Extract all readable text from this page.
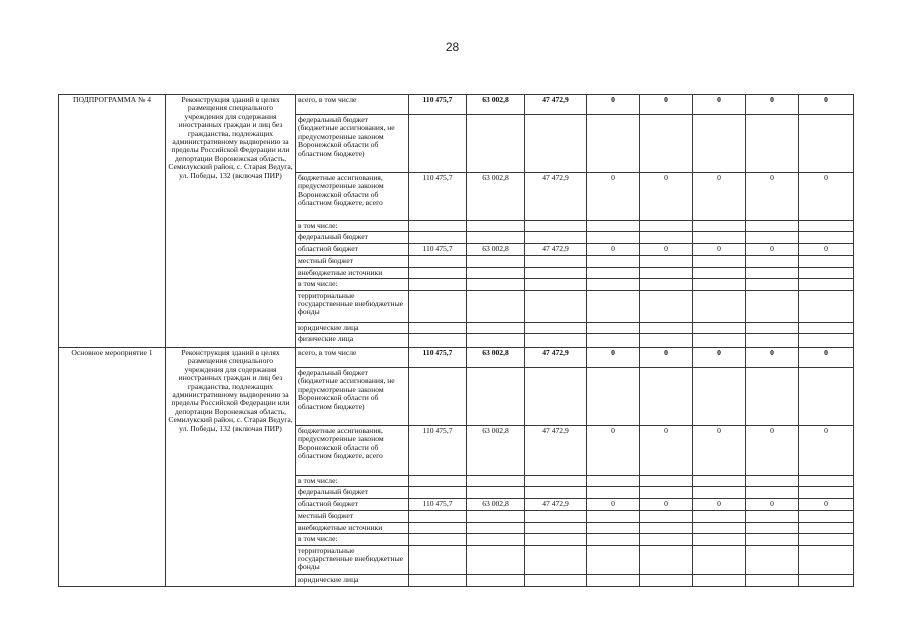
28
ПОДПРОГРАММА № 4	Реконструкция зданий в целях размещения специального учреждения для содержания иностранных граждан и лиц без гражданства, подлежащих административному выдворению за пределы Российской Федерации или депортации Воронежская область, Семилукский район, с. Старая Ведуга, ул. Победы, 132 (включая ПИР)	всего, в том числе	110 475,7	63 002,8	47 472,9	0	0	0	0	0
		федеральный бюджет (бюджетные ассигнования, не предусмотренные законом Воронежской области об областном бюджете)								
		бюджетные ассигнования, предусмотренные законом Воронежской области об областном бюджете, всего	110 475,7	63 002,8	47 472,9	0	0	0	0	0
		в том числе:								
		федеральный бюджет								
		областной бюджет	110 475,7	63 002,8	47 472,9	0	0	0	0	0
		местный бюджет								
		внебюджетные источники								
		в том числе:								
		территориальные государственные внебюджетные фонды								
		юридические лица								
		физические лица								
Основное мероприятие 1	Реконструкция зданий в целях размещения специального учреждения для содержания иностранных граждан и лиц без гражданства, подлежащих административному выдворению за пределы Российской Федерации или депортации Воронежская область, Семилукский район, с. Старая Ведуга, ул. Победы, 132 (включая ПИР)	всего, в том числе	110 475,7	63 002,8	47 472,9	0	0	0	0	0
		федеральный бюджет (бюджетные ассигнования, не предусмотренные законом Воронежской области об областном бюджете)								
		бюджетные ассигнования, предусмотренные законом Воронежской области об областном бюджете, всего	110 475,7	63 002,8	47 472,9	0	0	0	0	0
		в том числе:								
		федеральный бюджет								
		областной бюджет	110 475,7	63 002,8	47 472,9	0	0	0	0	0
		местный бюджет								
		внебюджетные источники								
		в том числе:								
		территориальные государственные внебюджетные фонды								
		юридические лица								
